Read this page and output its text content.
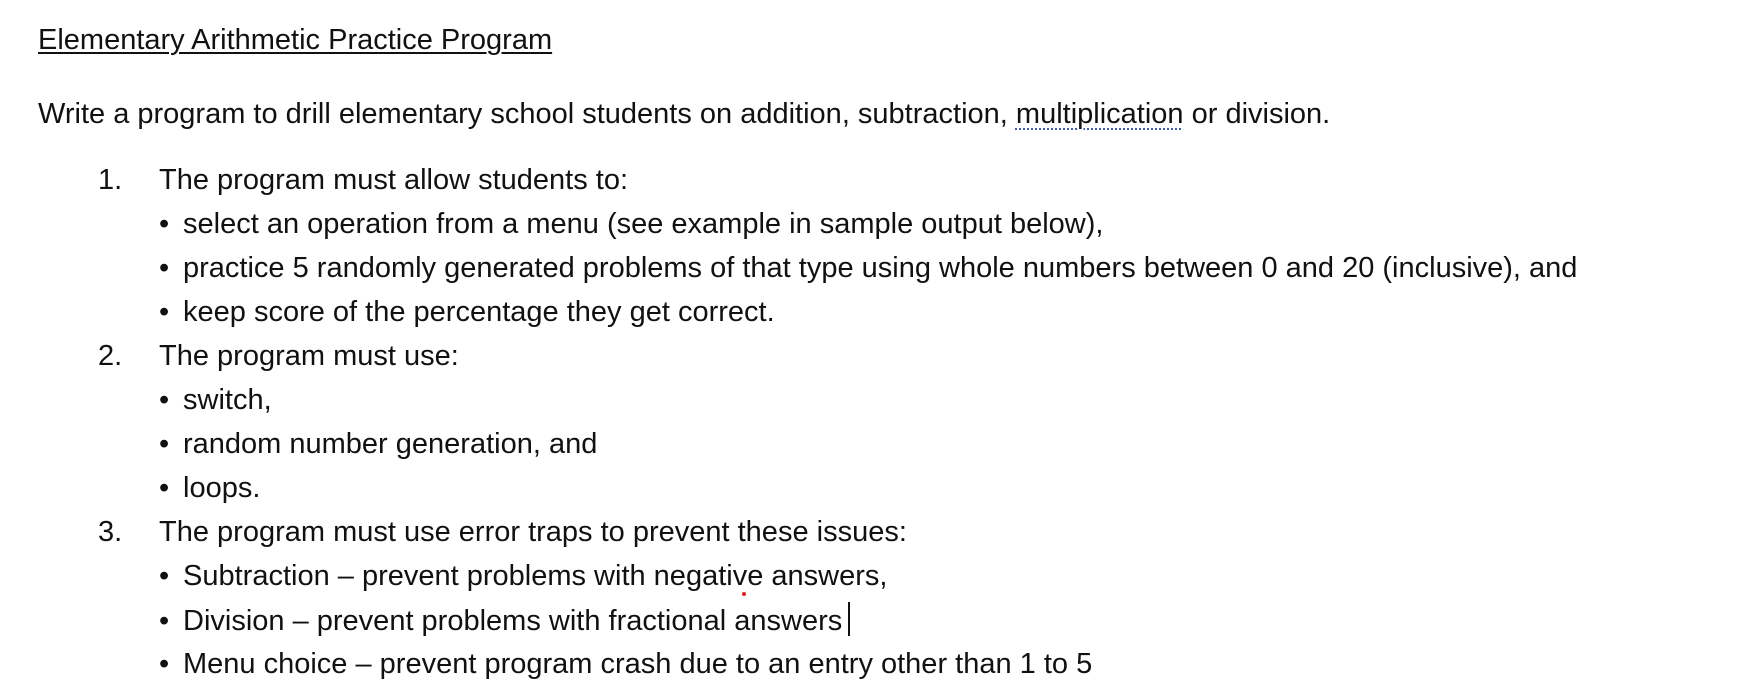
Elementary Arithmetic Practice Program
Write a program to drill elementary school students on addition, subtraction, multiplication or division.
1. The program must allow students to:
• select an operation from a menu (see example in sample output below),
• practice 5 randomly generated problems of that type using whole numbers between 0 and 20 (inclusive), and
• keep score of the percentage they get correct.
2. The program must use:
• switch,
• random number generation, and
• loops.
3. The program must use error traps to prevent these issues:
• Subtraction – prevent problems with negative answers,
• Division – prevent problems with fractional answers
• Menu choice – prevent program crash due to an entry other than 1 to 5
